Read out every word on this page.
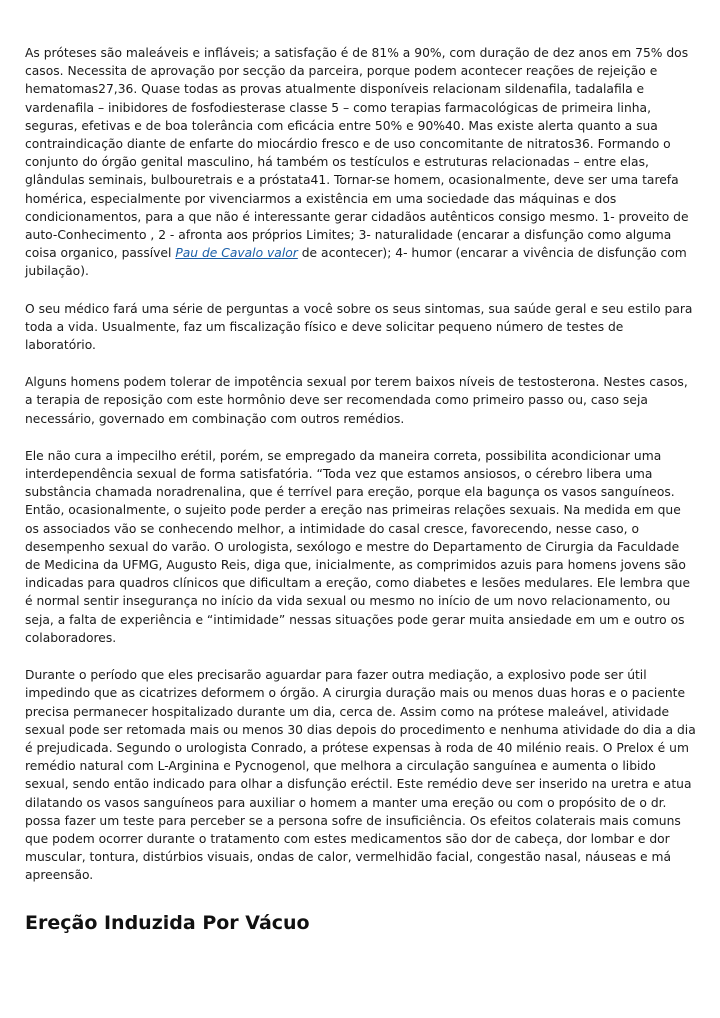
As próteses são maleáveis e infláveis; a satisfação é de 81% a 90%, com duração de dez anos em 75% dos casos. Necessita de aprovação por secção da parceira, porque podem acontecer reações de rejeição e hematomas27,36. Quase todas as provas atualmente disponíveis relacionam sildenafila, tadalafila e vardenafila – inibidores de fosfodiesterase classe 5 – como terapias farmacológicas de primeira linha, seguras, efetivas e de boa tolerância com eficácia entre 50% e 90%40. Mas existe alerta quanto a sua contraindicação diante de enfarte do miocárdio fresco e de uso concomitante de nitratos36. Formando o conjunto do órgão genital masculino, há também os testículos e estruturas relacionadas – entre elas, glândulas seminais, bulbouretrais e a próstata41. Tornar-se homem, ocasionalmente, deve ser uma tarefa homérica, especialmente por vivenciarmos a existência em uma sociedade das máquinas e dos condicionamentos, para a que não é interessante gerar cidadãos autênticos consigo mesmo. 1- proveito de auto-Conhecimento , 2 - afronta aos próprios Limites; 3- naturalidade (encarar a disfunção como alguma coisa organico, passível Pau de Cavalo valor de acontecer); 4- humor (encarar a vivência de disfunção com jubilação).

O seu médico fará uma série de perguntas a você sobre os seus sintomas, sua saúde geral e seu estilo para toda a vida. Usualmente, faz um fiscalização físico e deve solicitar pequeno número de testes de laboratório.

Alguns homens podem tolerar de impotência sexual por terem baixos níveis de testosterona. Nestes casos, a terapia de reposição com este hormônio deve ser recomendada como primeiro passo ou, caso seja necessário, governado em combinação com outros remédios.

Ele não cura a impecilho erétil, porém, se empregado da maneira correta, possibilita acondicionar uma interdependência sexual de forma satisfatória. “Toda vez que estamos ansiosos, o cérebro libera uma substância chamada noradrenalina, que é terrível para ereção, porque ela bagunça os vasos sanguíneos. Então, ocasionalmente, o sujeito pode perder a ereção nas primeiras relações sexuais. Na medida em que os associados vão se conhecendo melhor, a intimidade do casal cresce, favorecendo, nesse caso, o desempenho sexual do varão. O urologista, sexólogo e mestre do Departamento de Cirurgia da Faculdade de Medicina da UFMG, Augusto Reis, diga que, inicialmente, as comprimidos azuis para homens jovens são indicadas para quadros clínicos que dificultam a ereção, como diabetes e lesões medulares. Ele lembra que é normal sentir insegurança no início da vida sexual ou mesmo no início de um novo relacionamento, ou seja, a falta de experiência e “intimidade” nessas situações pode gerar muita ansiedade em um e outro os colaboradores.

Durante o período que eles precisarão aguardar para fazer outra mediação, a explosivo pode ser útil impedindo que as cicatrizes deformem o órgão. A cirurgia duração mais ou menos duas horas e o paciente precisa permanecer hospitalizado durante um dia, cerca de. Assim como na prótese maleável, atividade sexual pode ser retomada mais ou menos 30 dias depois do procedimento e nenhuma atividade do dia a dia é prejudicada. Segundo o urologista Conrado, a prótese expensas à roda de 40 milénio reais. O Prelox é um remédio natural com L-Arginina e Pycnogenol, que melhora a circulação sanguínea e aumenta o libido sexual, sendo então indicado para olhar a disfunção eréctil. Este remédio deve ser inserido na uretra e atua dilatando os vasos sanguíneos para auxiliar o homem a manter uma ereção ou com o propósito de o dr. possa fazer um teste para perceber se a persona sofre de insuficiência. Os efeitos colaterais mais comuns que podem ocorrer durante o tratamento com estes medicamentos são dor de cabeça, dor lombar e dor muscular, tontura, distúrbios visuais, ondas de calor, vermelhidão facial, congestão nasal, náuseas e má apreensão.

Ereção Induzida Por Vácuo
